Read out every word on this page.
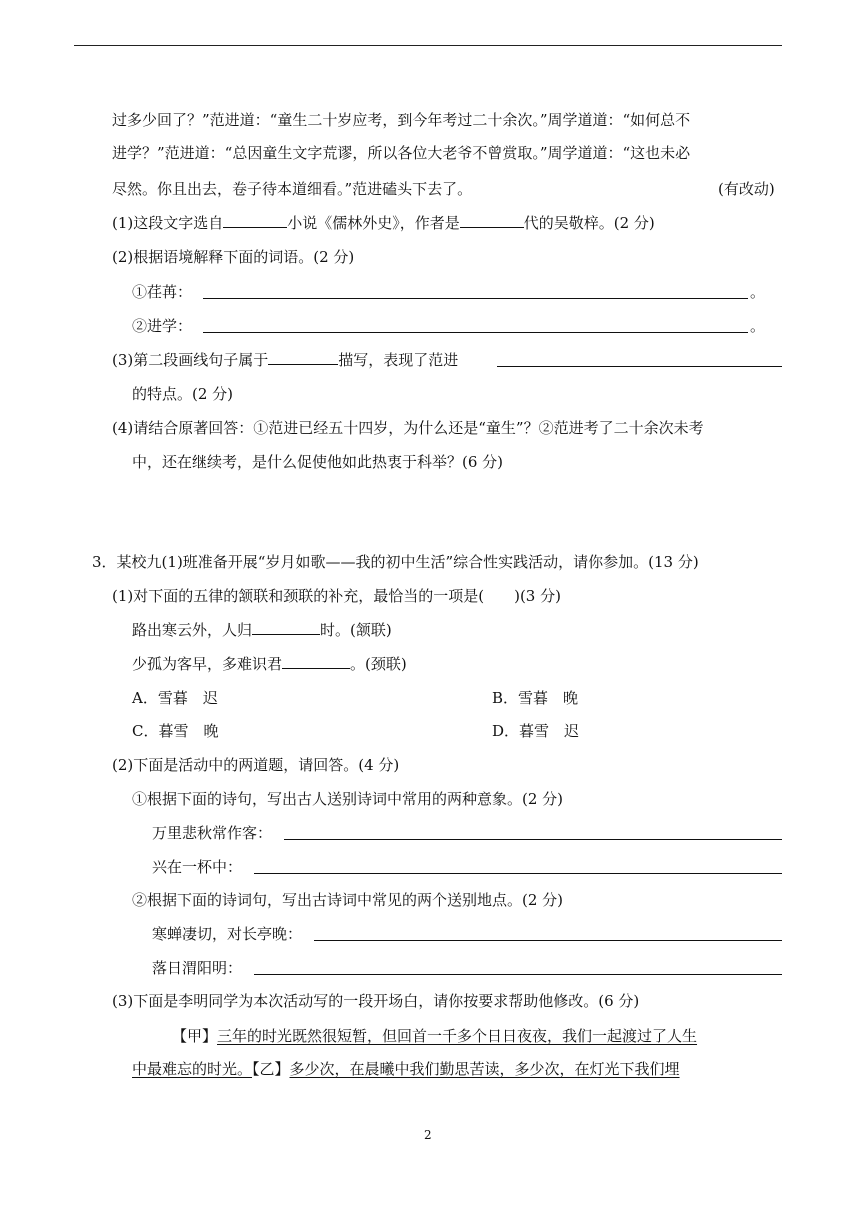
过多少回了？”范进道：“童生二十岁应考，到今年考过二十余次。”周学道道：“如何总不
进学？”范进道：“总因童生文字荒谬，所以各位大老爷不曾赏取。”周学道道：“这也未必
尽然。你且出去，卷子待本道细看。”范进磕头下去了。	(有改动)
(1)这段文字选自	小说《儒林外史》，作者是	代的吴敬梓。(2 分)
(2)根据语境解释下面的词语。(2 分)
①荏苒：	。
②进学：	。
(3)第二段画线句子属于	描写，表现了范进
的特点。(2 分)
(4)请结合原著回答：①范进已经五十四岁，为什么还是“童生”？②范进考了二十余次未考
中，还在继续考，是什么促使他如此热衷于科举？(6 分)
3．某校九(1)班准备开展“岁月如歌——我的初中生活”综合性实践活动，请你参加。(13 分)
(1)对下面的五律的颔联和颈联的补充，最恰当的一项是(　　)(3 分)
路出寒云外，人归	时。(颔联)
少孤为客早，多难识君	。(颈联)
A．雪暮　迟	B．雪暮　晚
C．暮雪　晚	D．暮雪　迟
(2)下面是活动中的两道题，请回答。(4 分)
①根据下面的诗句，写出古人送别诗词中常用的两种意象。(2 分)
万里悲秋常作客：
兴在一杯中：
②根据下面的诗词句，写出古诗词中常见的两个送别地点。(2 分)
寒蝉凄切，对长亭晚：
落日渭阳明：
(3)下面是李明同学为本次活动写的一段开场白，请你按要求帮助他修改。(6 分)
【甲】三年的时光既然很短暂，但回首一千多个日日夜夜，我们一起渡过了人生
中最难忘的时光。【乙】多少次，在晨曦中我们勤思苦读，多少次，在灯光下我们埋
2
